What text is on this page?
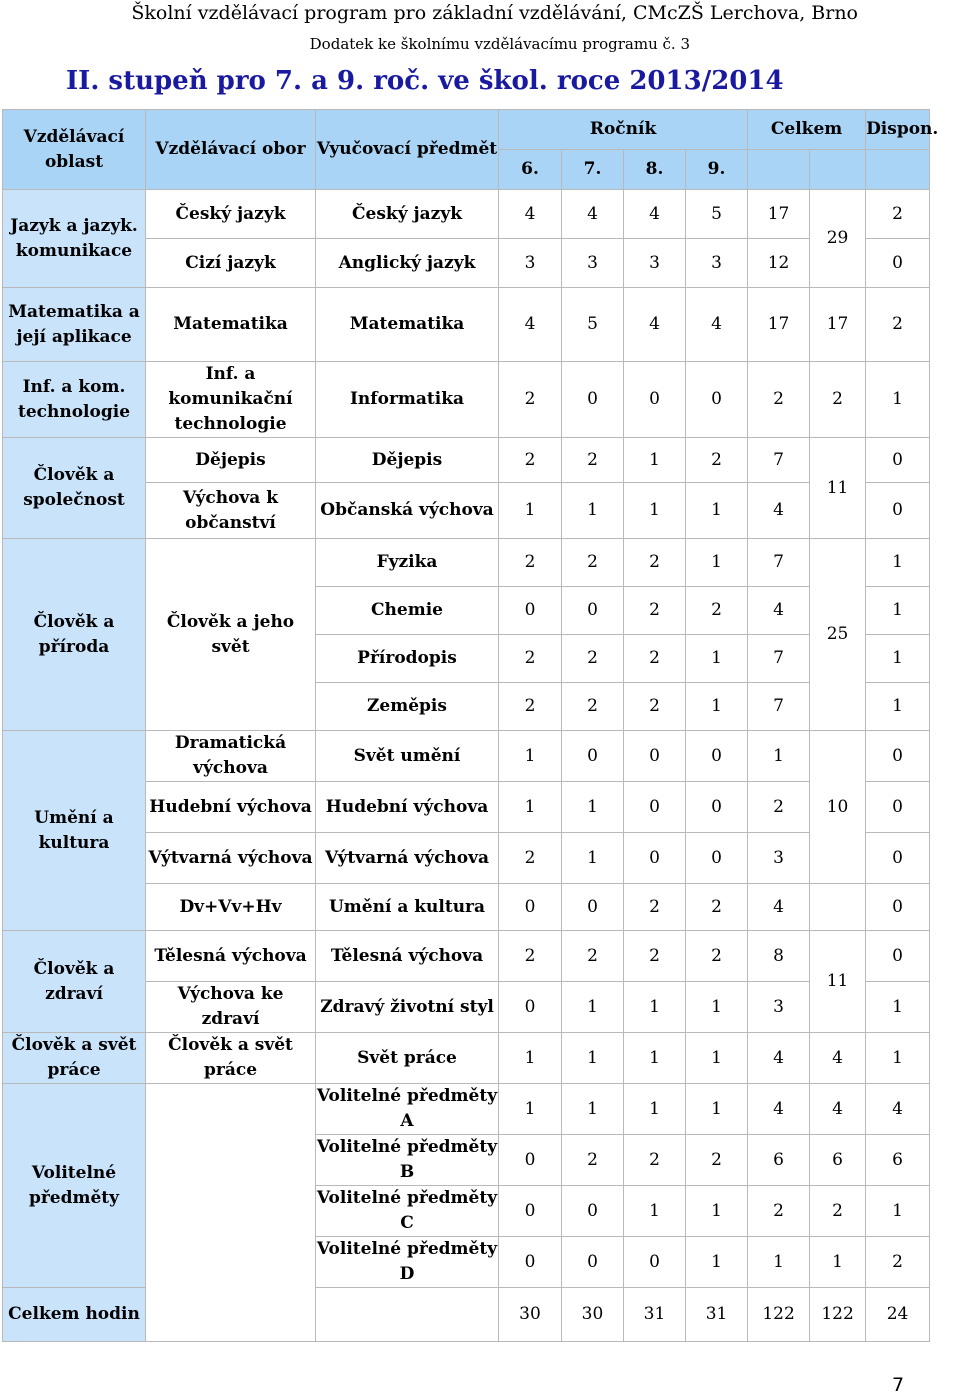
Školní vzdělávací program pro základní vzdělávání, CMcZŠ Lerchova, Brno
Dodatek ke školnímu vzdělávacímu programu č. 3
II. stupeň pro 7. a 9. roč. ve škol. roce 2013/2014
Vzdělávací oblast	Vzdělávací obor	Vyučovací předmět	Ročník				Celkem		Dispon.
			6.	7.	8.	9.			
Jazyk a jazyk. komunikace	Český jazyk	Český jazyk	4	4	4	5	17	29	2
	Cizí jazyk	Anglický jazyk	3	3	3	3	12		0
Matematika a její aplikace	Matematika	Matematika	4	5	4	4	17	17	2
Inf. a kom. technologie	Inf. a komunikační technologie	Informatika	2	0	0	0	2	2	1
Člověk a společnost	Dějepis	Dějepis	2	2	1	2	7	11	0
	Výchova k občanství	Občanská výchova	1	1	1	1	4		0
Člověk a příroda	Člověk a jeho svět	Fyzika	2	2	2	1	7	25	1
		Chemie	0	0	2	2	4		1
		Přírodopis	2	2	2	1	7		1
		Zeměpis	2	2	2	1	7		1
Umění a kultura	Dramatická výchova	Svět umění	1	0	0	0	1	10	0
	Hudební výchova	Hudební výchova	1	1	0	0	2		0
	Výtvarná výchova	Výtvarná výchova	2	1	0	0	3		0
	Dv+Vv+Hv	Umění a kultura	0	0	2	2	4		0
Člověk a zdraví	Tělesná výchova	Tělesná výchova	2	2	2	2	8	11	0
	Výchova ke zdraví	Zdravý životní styl	0	1	1	1	3		1
Člověk a svět práce	Člověk a svět práce	Svět práce	1	1	1	1	4	4	1
Volitelné předměty		Volitelné předměty A	1	1	1	1	4	4	4
		Volitelné předměty B	0	2	2	2	6	6	6
		Volitelné předměty C	0	0	1	1	2	2	1
		Volitelné předměty D	0	0	0	1	1	1	2
Celkem hodin			30	30	31	31	122	122	24
7
